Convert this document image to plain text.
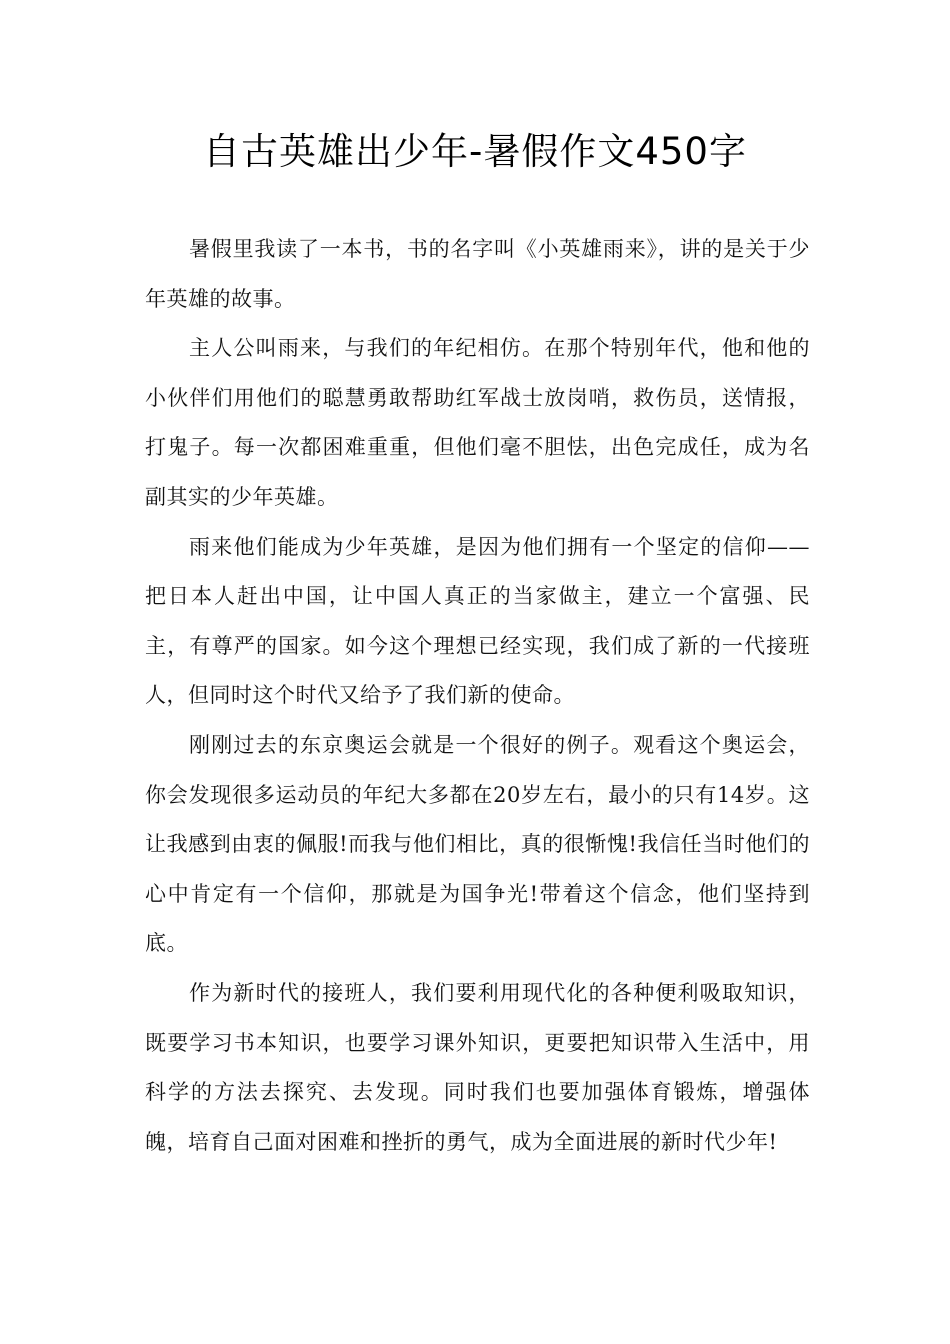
自古英雄出少年-暑假作文450字

暑假里我读了一本书，书的名字叫《小英雄雨来》，讲的是关于少年英雄的故事。

主人公叫雨来，与我们的年纪相仿。在那个特别年代，他和他的小伙伴们用他们的聪慧勇敢帮助红军战士放岗哨，救伤员，送情报，打鬼子。每一次都困难重重，但他们毫不胆怯，出色完成任，成为名副其实的少年英雄。

雨来他们能成为少年英雄，是因为他们拥有一个坚定的信仰——把日本人赶出中国，让中国人真正的当家做主，建立一个富强、民主，有尊严的国家。如今这个理想已经实现，我们成了新的一代接班人，但同时这个时代又给予了我们新的使命。

刚刚过去的东京奥运会就是一个很好的例子。观看这个奥运会，你会发现很多运动员的年纪大多都在20岁左右，最小的只有14岁。这让我感到由衷的佩服!而我与他们相比，真的很惭愧!我信任当时他们的心中肯定有一个信仰，那就是为国争光!带着这个信念，他们坚持到底。

作为新时代的接班人，我们要利用现代化的各种便利吸取知识，既要学习书本知识，也要学习课外知识，更要把知识带入生活中，用科学的方法去探究、去发现。同时我们也要加强体育锻炼，增强体魄，培育自己面对困难和挫折的勇气，成为全面进展的新时代少年!
